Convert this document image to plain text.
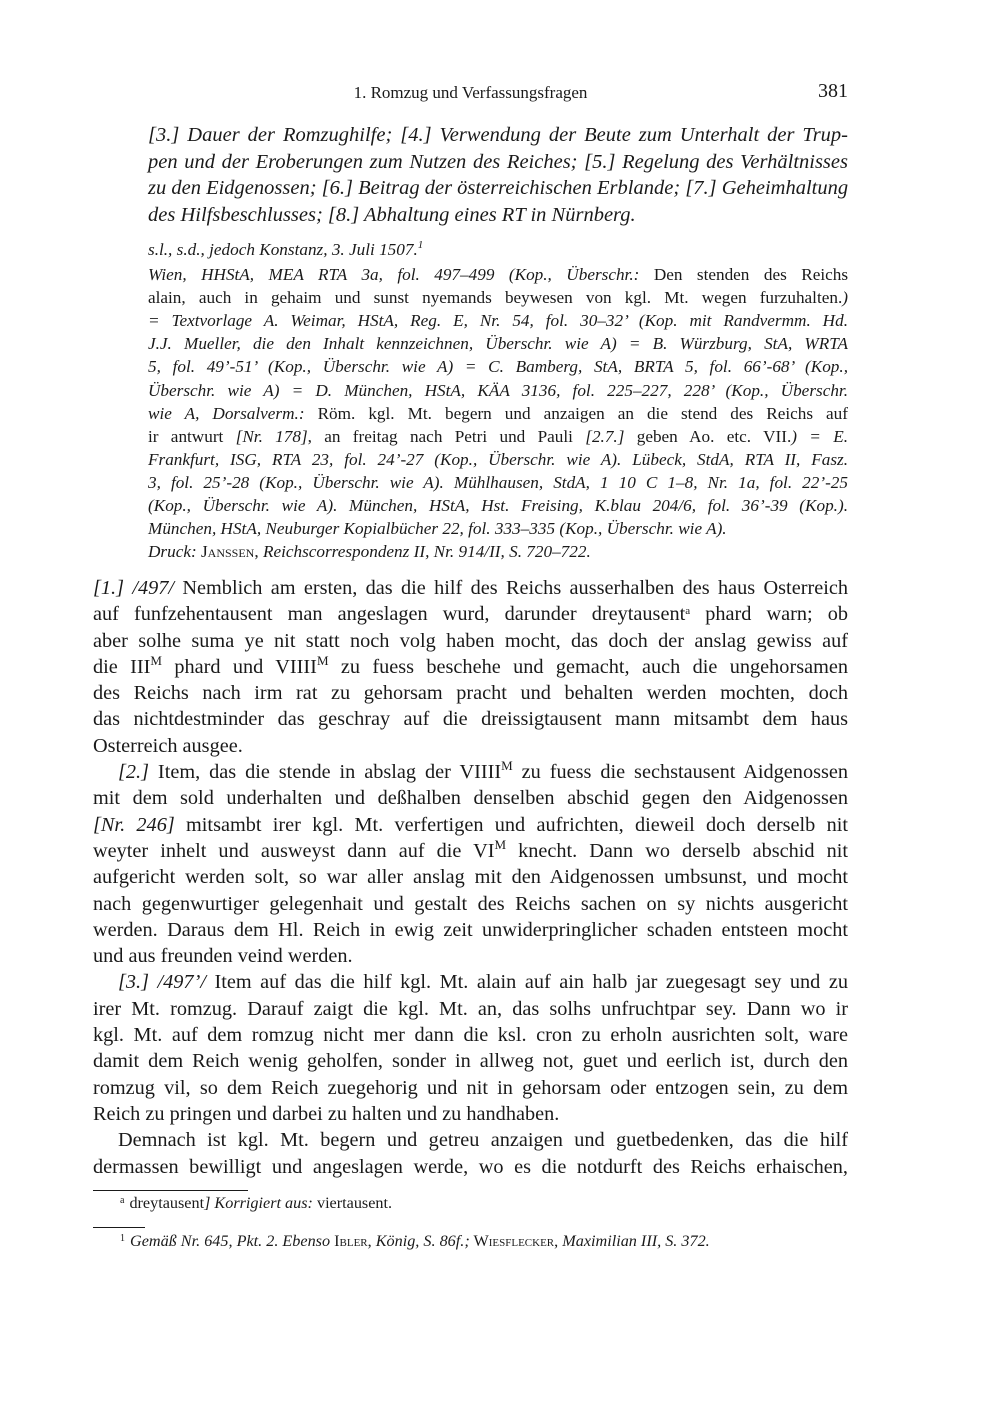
1. Romzug und Verfassungsfragen	381
[3.] Dauer der Romzughilfe; [4.] Verwendung der Beute zum Unterhalt der Trup-
pen und der Eroberungen zum Nutzen des Reiches; [5.] Regelung des Verhältnisses
zu den Eidgenossen; [6.] Beitrag der österreichischen Erblande; [7.] Geheimhaltung
des Hilfsbeschlusses; [8.] Abhaltung eines RT in Nürnberg.
s.l., s.d., jedoch Konstanz, 3. Juli 1507.$^1$
Wien, HHStA, MEA RTA 3a, fol. 497–499 (Kop., Überschr.: Den stenden des Reichs
alain, auch in gehaim und sunst nyemands beywesen von kgl. Mt. wegen furzuhalten.)
= Textvorlage A. Weimar, HStA, Reg. E, Nr. 54, fol. 30–32’ (Kop. mit Randvermm. Hd.
J.J. Mueller, die den Inhalt kennzeichnen, Überschr. wie A) = B. Würzburg, StA, WRTA
5, fol. 49’-51’ (Kop., Überschr. wie A) = C. Bamberg, StA, BRTA 5, fol. 66’-68’ (Kop.,
Überschr. wie A) = D. München, HStA, KÄA 3136, fol. 225–227, 228’ (Kop., Überschr.
wie A, Dorsalverm.: Röm. kgl. Mt. begern und anzaigen an die stend des Reichs auf
ir antwurt [Nr. 178], an freitag nach Petri und Pauli [2.7.] geben Ao. etc. VII.) = E.
Frankfurt, ISG, RTA 23, fol. 24’-27 (Kop., Überschr. wie A). Lübeck, StdA, RTA II, Fasz.
3, fol. 25’-28 (Kop., Überschr. wie A). Mühlhausen, StdA, 1 10 C 1–8, Nr. 1a, fol. 22’-25
(Kop., Überschr. wie A). München, HStA, Hst. Freising, K.blau 204/6, fol. 36’-39 (Kop.).
München, HStA, Neuburger Kopialbücher 22, fol. 333–335 (Kop., Überschr. wie A).
Druck: Janssen, Reichscorrespondenz II, Nr. 914/II, S. 720–722.
[1.] /497/ Nemblich am ersten, das die hilf des Reichs ausserhalben des haus Osterreich
auf funfzehentausent man angeslagen wurd, darunder dreytausent$^a$ phard warn; ob
aber solhe suma ye nit statt noch volg haben mocht, das doch der anslag gewiss auf
die $III^M$ phard und $VIIII^M$ zu fuess beschehe und gemacht, auch die ungehorsamen
des Reichs nach irm rat zu gehorsam pracht und behalten werden mochten, doch
das nichtdestminder das geschray auf die dreissigtausent mann mitsambt dem haus
Osterreich ausgee.
[2.] Item, das die stende in abslag der $VIIII^M$ zu fuess die sechstausent Aidgenossen
mit dem sold underhalten und deßhalben denselben abschid gegen den Aidgenossen
[Nr. 246] mitsambt irer kgl. Mt. verfertigen und aufrichten, dieweil doch derselb nit
weyter inhelt und ausweyst dann auf die $VI^M$ knecht. Dann wo derselb abschid nit
aufgericht werden solt, so war aller anslag mit den Aidgenossen umbsunst, und mocht
nach gegenwurtiger gelegenhait und gestalt des Reichs sachen on sy nichts ausgericht
werden. Daraus dem Hl. Reich in ewig zeit unwiderpringlicher schaden entsteen mocht
und aus freunden veind werden.
[3.] /497’/ Item auf das die hilf kgl. Mt. alain auf ain halb jar zuegesagt sey und zu
irer Mt. romzug. Darauf zaigt die kgl. Mt. an, das solhs unfruchtpar sey. Dann wo ir
kgl. Mt. auf dem romzug nicht mer dann die ksl. cron zu erholn ausrichten solt, ware
damit dem Reich wenig geholfen, sonder in allweg not, guet und eerlich ist, durch den
romzug vil, so dem Reich zuegehorig und nit in gehorsam oder entzogen sein, zu dem
Reich zu pringen und darbei zu halten und zu handhaben.
Demnach ist kgl. Mt. begern und getreu anzaigen und guetbedenken, das die hilf
dermassen bewilligt und angeslagen werde, wo es die notdurft des Reichs erhaischen,
$^a$ dreytausent] Korrigiert aus: viertausent.
$^1$ Gemäß Nr. 645, Pkt. 2. Ebenso Ibler, König, S. 86f.; Wiesflecker, Maximilian III, S. 372.
